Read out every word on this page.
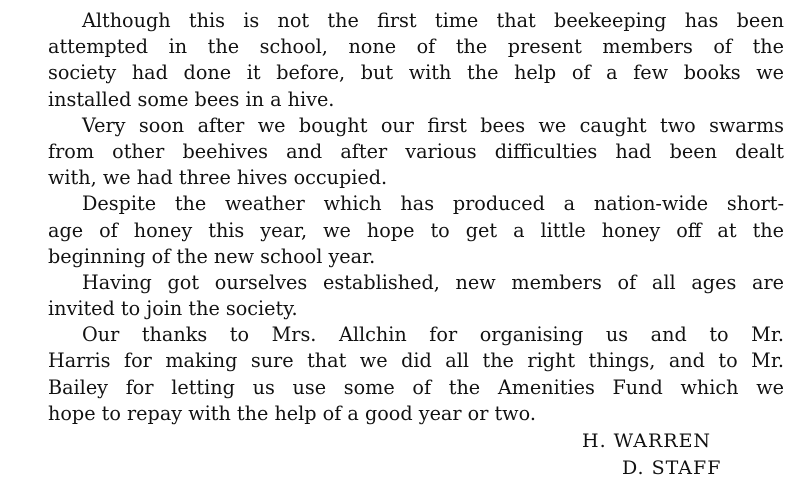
Although this is not the first time that beekeeping has been
attempted in the school, none of the present members of the
society had done it before, but with the help of a few books we
installed some bees in a hive.
Very soon after we bought our first bees we caught two swarms
from other beehives and after various difficulties had been dealt
with, we had three hives occupied.
Despite the weather which has produced a nation-wide short-
age of honey this year, we hope to get a little honey off at the
beginning of the new school year.
Having got ourselves established, new members of all ages are
invited to join the society.
Our thanks to Mrs. Allchin for organising us and to Mr.
Harris for making sure that we did all the right things, and to Mr.
Bailey for letting us use some of the Amenities Fund which we
hope to repay with the help of a good year or two.
H. WARREN
D. STAFF
